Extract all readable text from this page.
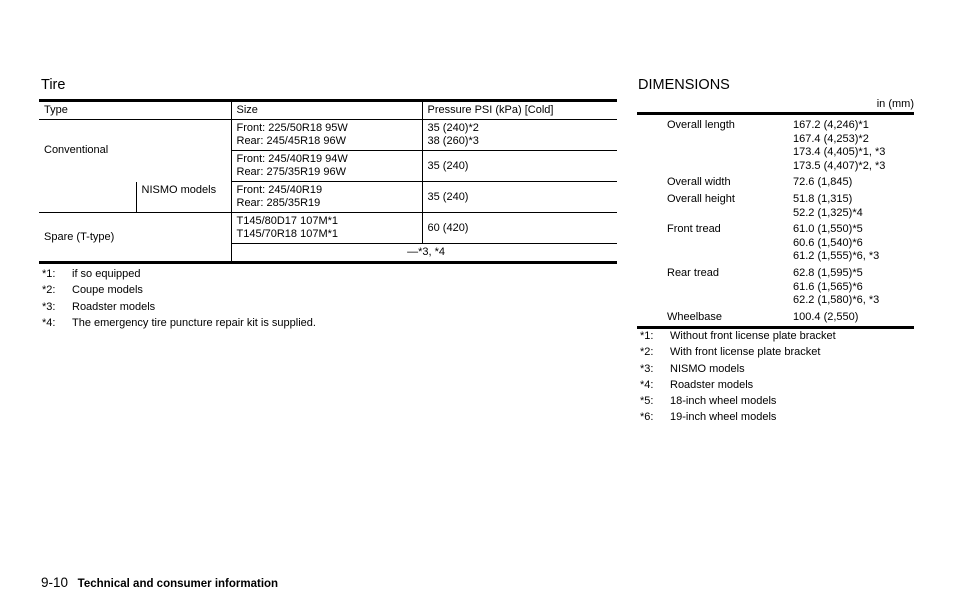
Tire
Type		Size	Pressure PSI (kPa) [Cold]
Conventional		Front: 225/50R18 95W
Rear: 245/45R18 96W	35 (240)*2
38 (260)*3

		Front: 245/40R19 94W
Rear: 275/35R19 96W	35 (240)
	NISMO models	Front: 245/40R19
Rear: 285/35R19	35 (240)
Spare (T-type)		T145/80D17 107M*1
T145/70R18 107M*1	60 (420)
		—*3, *4	
*1:	if so equipped
*2:	Coupe models
*3:	Roadster models
*4:	The emergency tire puncture repair kit is supplied.
DIMENSIONS
in (mm)
Overall length	167.2 (4,246)*1
167.4 (4,253)*2
173.4 (4,405)*1, *3
173.5 (4,407)*2, *3

Overall width	72.6 (1,845)

Overall height	51.8 (1,315)
52.2 (1,325)*4

Front tread	61.0 (1,550)*5
60.6 (1,540)*6
61.2 (1,555)*6, *3

Rear tread	62.8 (1,595)*5
61.6 (1,565)*6
62.2 (1,580)*6, *3

Wheelbase	100.4 (2,550)
*1:	Without front license plate bracket
*2:	With front license plate bracket
*3:	NISMO models
*4:	Roadster models
*5:	18-inch wheel models
*6:	19-inch wheel models
9-10 Technical and consumer information
